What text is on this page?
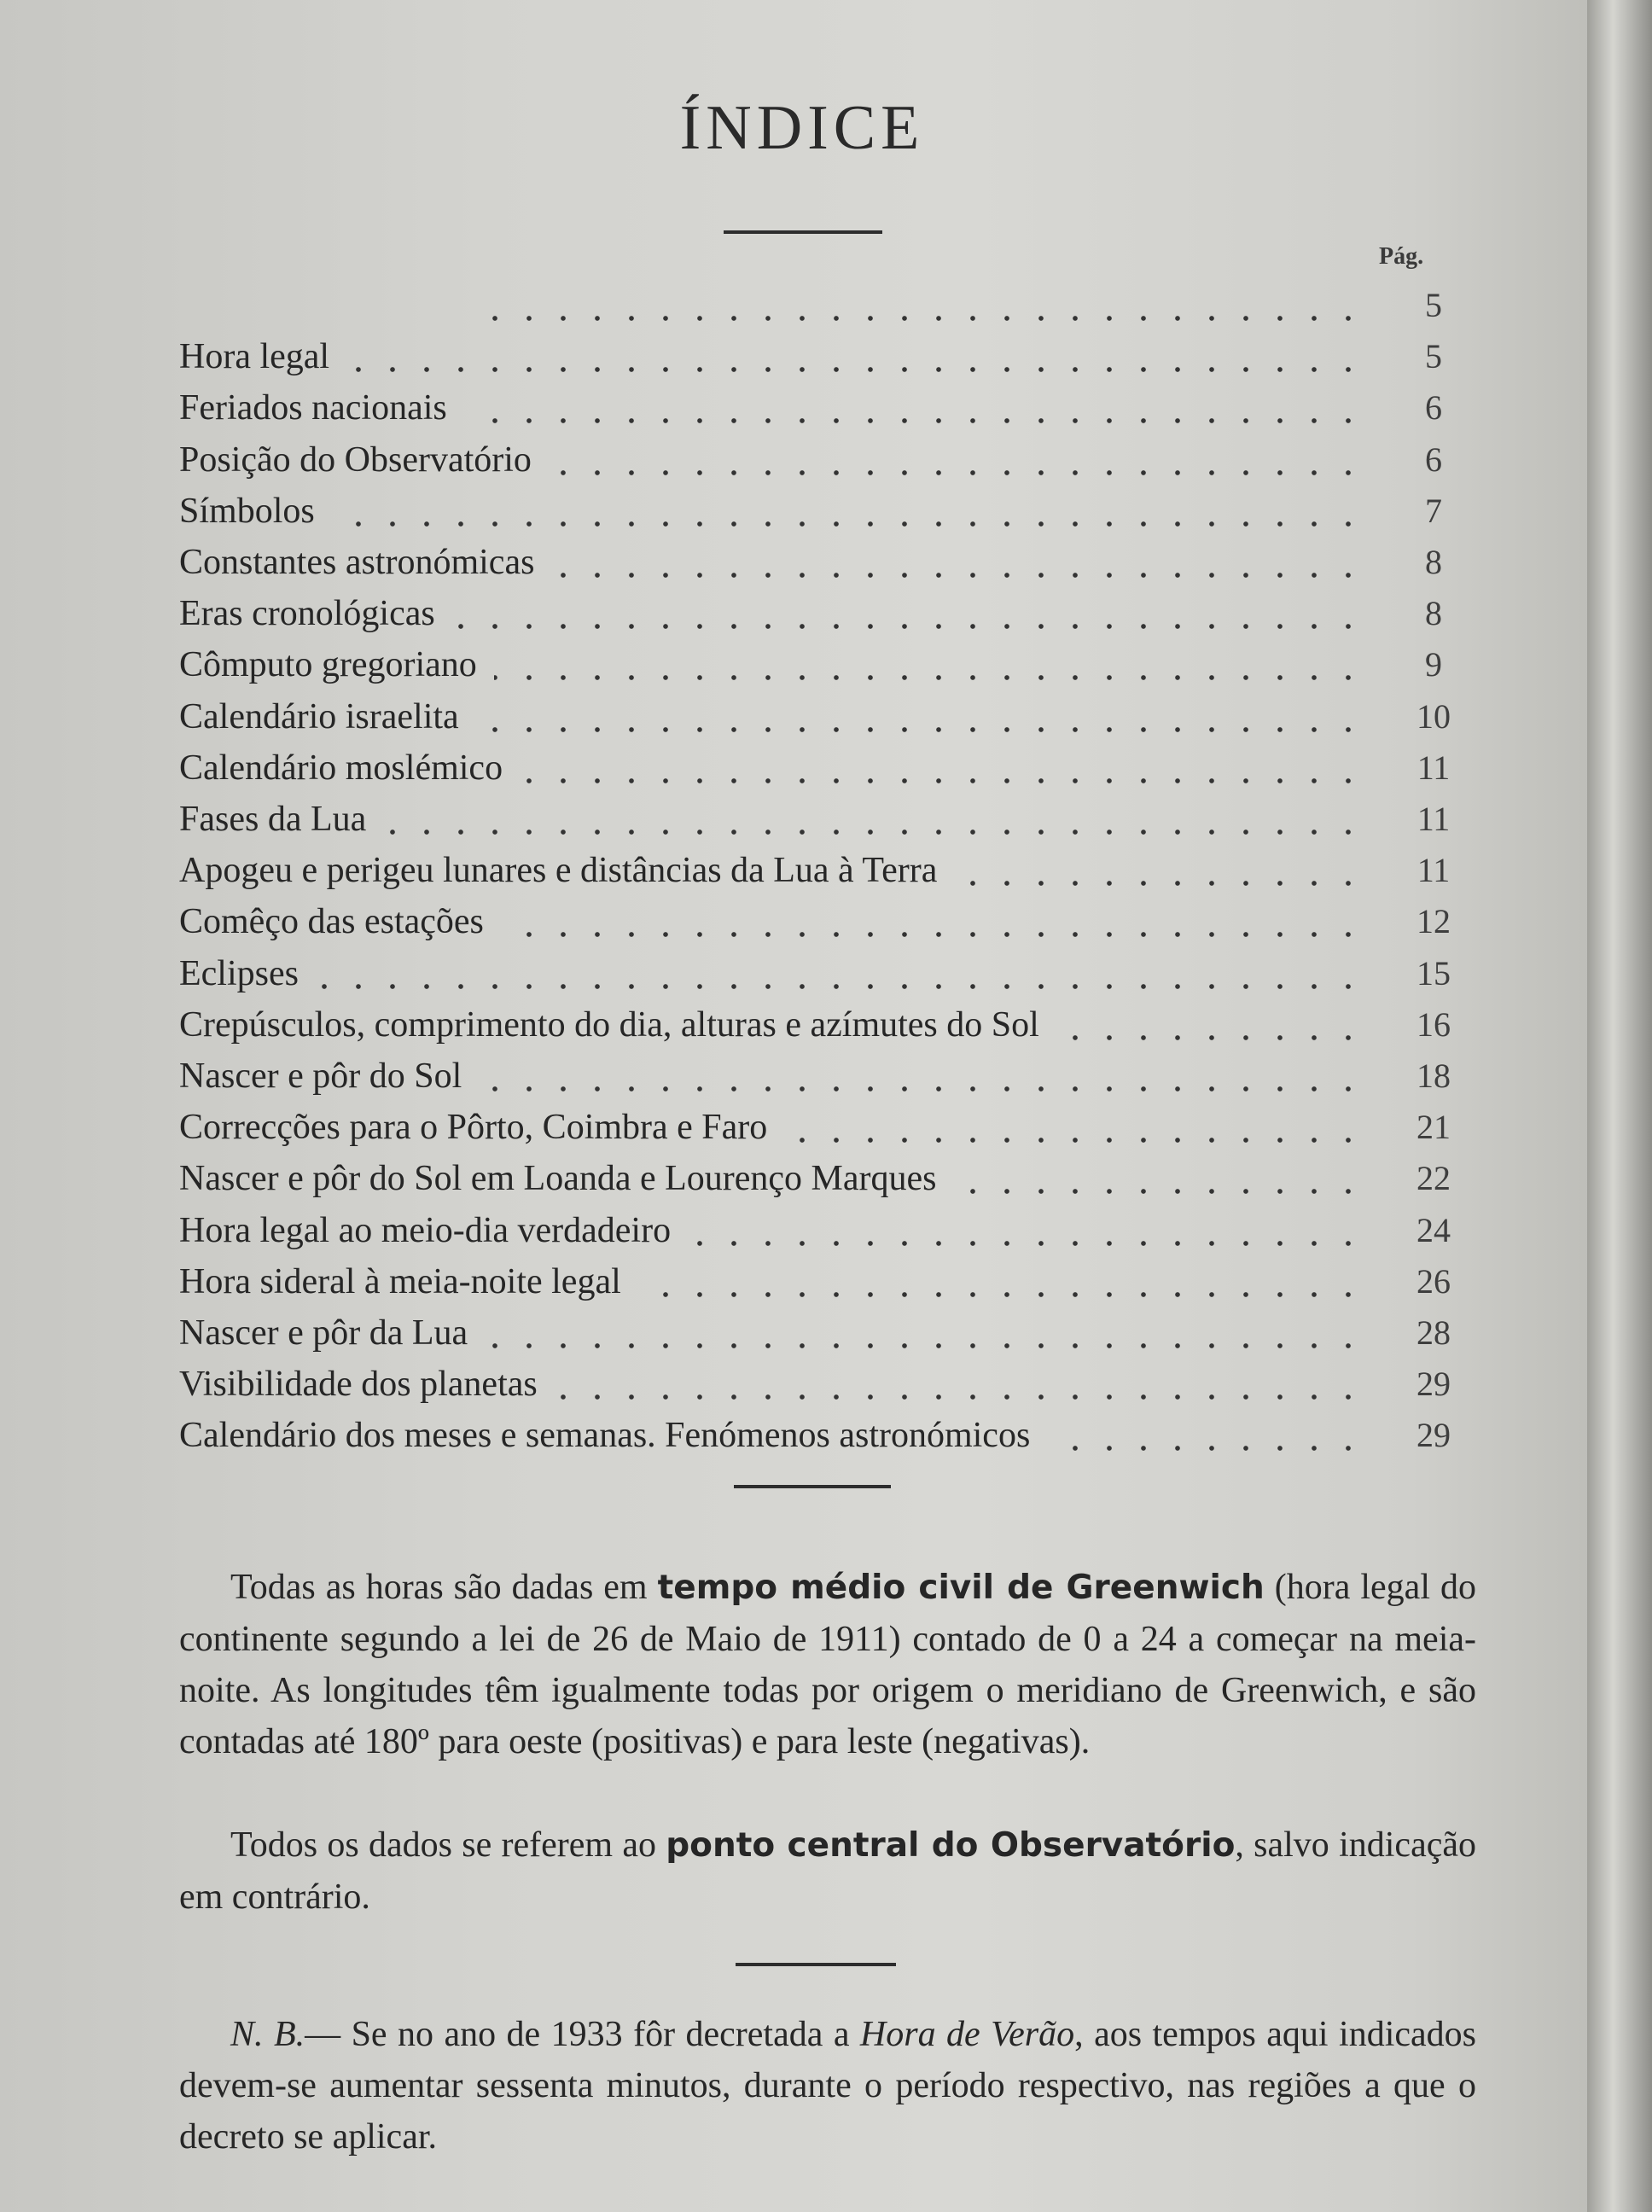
ÍNDICE
Pág.
5
Hora legal	5
Feriados nacionais	6
Posição do Observatório	6
Símbolos	7
Constantes astronómicas	8
Eras cronológicas	8
Cômputo gregoriano	9
Calendário israelita	10
Calendário moslémico	11
Fases da Lua	11
Apogeu e perigeu lunares e distâncias da Lua à Terra	11
Comêço das estações	12
Eclipses	15
Crepúsculos, comprimento do dia, alturas e azímutes do Sol	16
Nascer e pôr do Sol	18
Correcções para o Pôrto, Coimbra e Faro	21
Nascer e pôr do Sol em Loanda e Lourenço Marques	22
Hora legal ao meio-dia verdadeiro	24
Hora sideral à meia-noite legal	26
Nascer e pôr da Lua	28
Visibilidade dos planetas	29
Calendário dos meses e semanas. Fenómenos astronómicos	29
Todas as horas são dadas em tempo médio civil de Greenwich (hora legal do continente segundo a lei de 26 de Maio de 1911) contado de 0 a 24 a começar na meia-noite. As longitudes têm igualmente todas por origem o meridiano de Greenwich, e são contadas até 180º para oeste (positivas) e para leste (negativas).
Todos os dados se referem ao ponto central do Observatório, salvo indicação em contrário.
N. B.— Se no ano de 1933 fôr decretada a Hora de Verão, aos tempos aqui indicados devem-se aumentar sessenta minutos, durante o período respectivo, nas regiões a que o decreto se aplicar.
